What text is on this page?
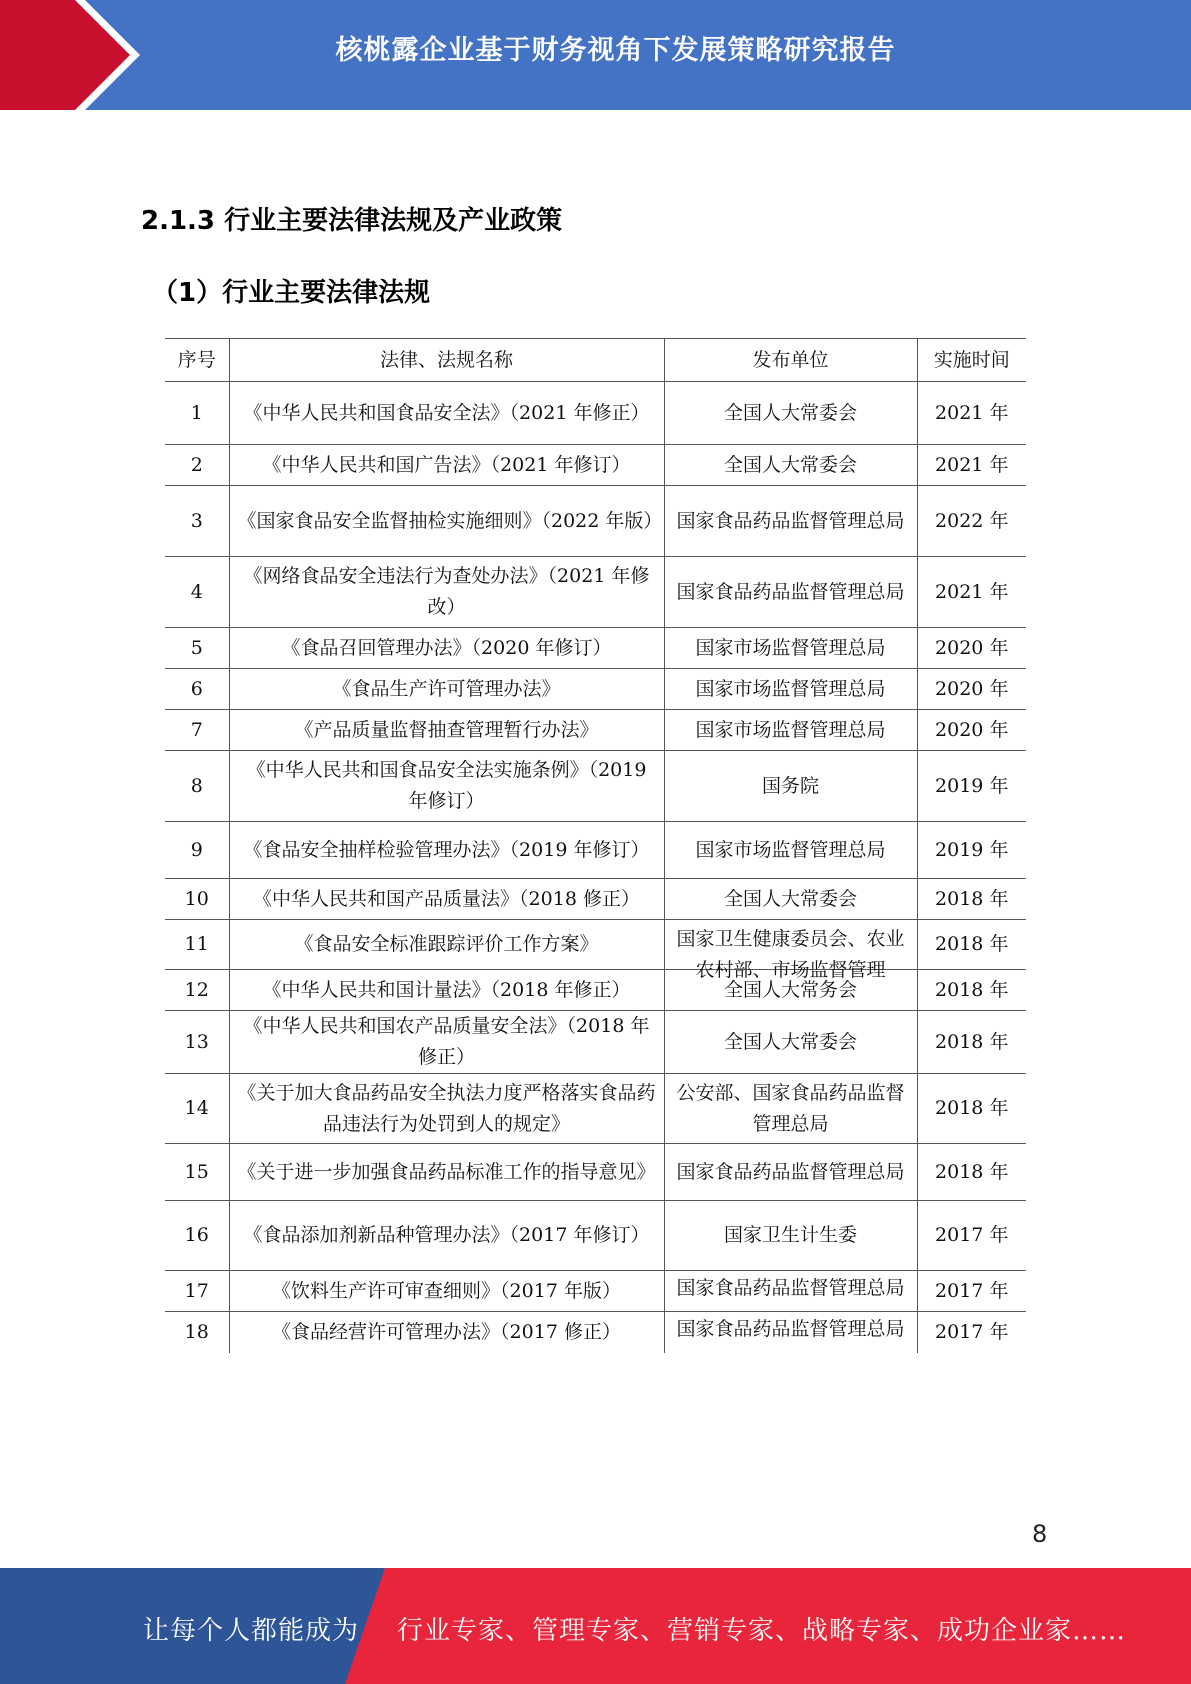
核桃露企业基于财务视角下发展策略研究报告
2.1.3 行业主要法律法规及产业政策
（1）行业主要法律法规
序号	法律、法规名称	发布单位	实施时间
1	《中华人民共和国食品安全法》（2021 年修正）	全国人大常委会	2021 年
2	《中华人民共和国广告法》（2021 年修订）	全国人大常委会	2021 年
3	《国家食品安全监督抽检实施细则》（2022 年版）	国家食品药品监督管理总局	2022 年
4	《网络食品安全违法行为查处办法》（2021 年修改）	国家食品药品监督管理总局	2021 年
5	《食品召回管理办法》（2020 年修订）	国家市场监督管理总局	2020 年
6	《食品生产许可管理办法》	国家市场监督管理总局	2020 年
7	《产品质量监督抽查管理暂行办法》	国家市场监督管理总局	2020 年
8	《中华人民共和国食品安全法实施条例》（2019 年修订）	国务院	2019 年
9	《食品安全抽样检验管理办法》（2019 年修订）	国家市场监督管理总局	2019 年
10	《中华人民共和国产品质量法》（2018 修正）	全国人大常委会	2018 年
11	《食品安全标准跟踪评价工作方案》	国家卫生健康委员会、农业农村部、市场监督管理	2018 年
12	《中华人民共和国计量法》（2018 年修正）	全国人大常务会	2018 年
13	《中华人民共和国农产品质量安全法》（2018 年修正）	全国人大常委会	2018 年
14	《关于加大食品药品安全执法力度严格落实食品药品违法行为处罚到人的规定》	公安部、国家食品药品监督管理总局	2018 年
15	《关于进一步加强食品药品标准工作的指导意见》	国家食品药品监督管理总局	2018 年
16	《食品添加剂新品种管理办法》（2017 年修订）	国家卫生计生委	2017 年
17	《饮料生产许可审查细则》（2017 年版）	国家食品药品监督管理总局	2017 年
18	《食品经营许可管理办法》（2017 修正）	国家食品药品监督管理总局	2017 年
8
让每个人都能成为 行业专家、管理专家、营销专家、战略专家、成功企业家……
